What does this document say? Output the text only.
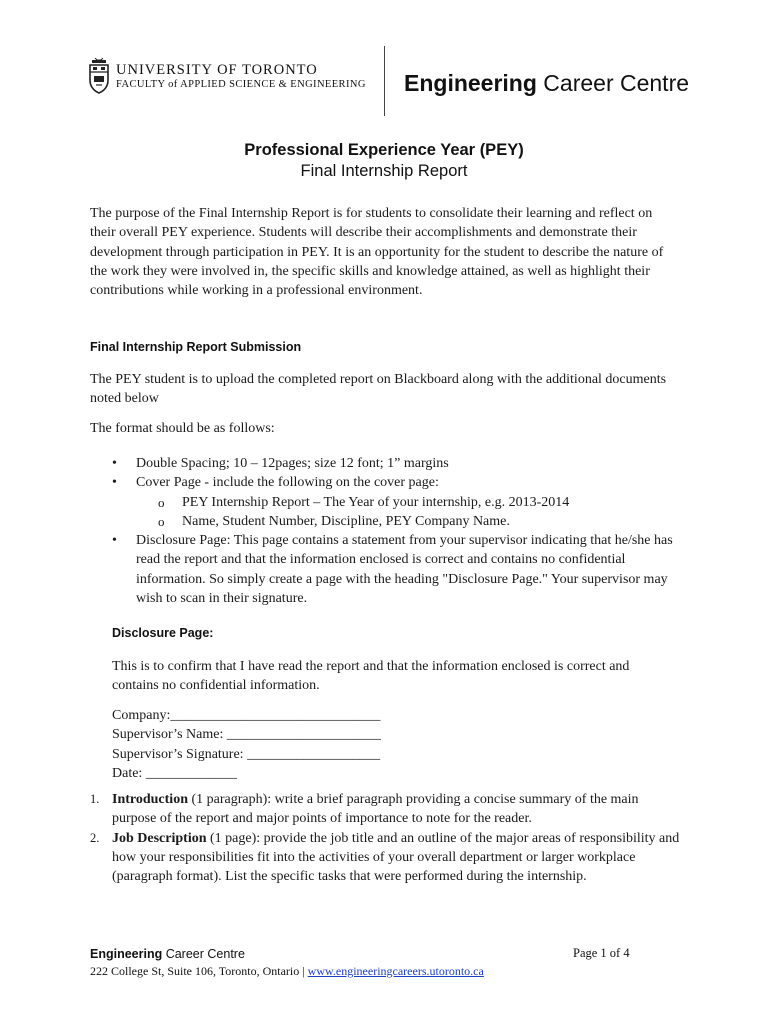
UNIVERSITY OF TORONTO
FACULTY of APPLIED SCIENCE & ENGINEERING Engineering Career Centre
Professional Experience Year (PEY)
Final Internship Report
The purpose of the Final Internship Report is for students to consolidate their learning and reflect on their overall PEY experience. Students will describe their accomplishments and demonstrate their development through participation in PEY. It is an opportunity for the student to describe the nature of the work they were involved in, the specific skills and knowledge attained, as well as highlight their contributions while working in a professional environment.
Final Internship Report Submission
The PEY student is to upload the completed report on Blackboard along with the additional documents noted below
The format should be as follows:
• Double Spacing; 10 – 12pages; size 12 font; 1” margins
• Cover Page - include the following on the cover page:
o PEY Internship Report – The Year of your internship, e.g. 2013-2014
o Name, Student Number, Discipline, PEY Company Name.
• Disclosure Page: This page contains a statement from your supervisor indicating that he/she has read the report and that the information enclosed is correct and contains no confidential information. So simply create a page with the heading "Disclosure Page." Your supervisor may wish to scan in their signature.
Disclosure Page:
This is to confirm that I have read the report and that the information enclosed is correct and contains no confidential information.
Company:______________________________
Supervisor’s Name: ______________________
Supervisor’s Signature: ___________________
Date: _____________
1. Introduction (1 paragraph): write a brief paragraph providing a concise summary of the main purpose of the report and major points of importance to note for the reader.
2. Job Description (1 page): provide the job title and an outline of the major areas of responsibility and how your responsibilities fit into the activities of your overall department or larger workplace (paragraph format). List the specific tasks that were performed during the internship.
Engineering Career Centre
222 College St, Suite 106, Toronto, Ontario | www.engineeringcareers.utoronto.ca
Page 1 of 4
